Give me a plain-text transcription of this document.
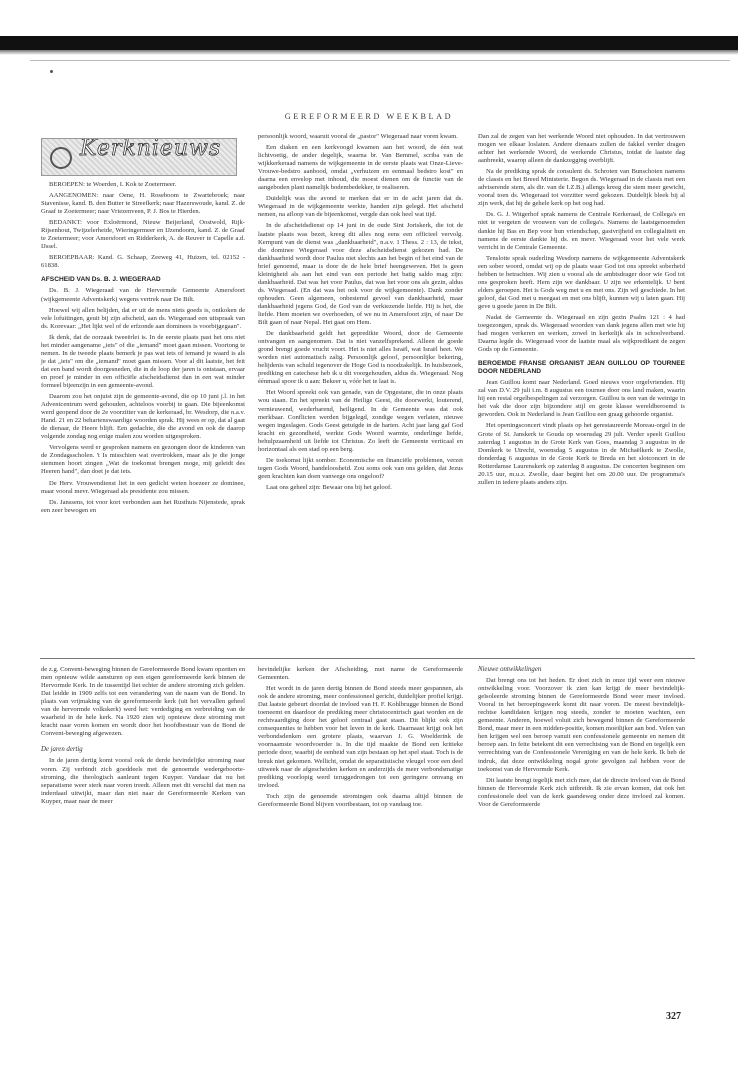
GEREFORMEERD WEEKBLAD
Kerknieuws

BEROEPEN: te Woerden, I. Kok te Zoetermeer.

AANGENOMEN: naar Oene, H. Roseboom te Zwartebroek; naar Stavenisse, kand. B. den Butter te Streefkerk; naar Hazerswoude, kand. Z. de Graaf te Zoetermeer; naar Vriezenveen, P. J. Bos te Hierden.

BEDANKT: voor Exloërmond, Nieuw Beijerland, Oostwold, Rijk-Rijsenhout, Twijzelerheide, Wieringermeer en IJzendoorn, kand. Z. de Graaf te Zoetermeer; voor Amersfoort en Ridderkerk, A. de Reuver te Capelle a.d. IJssel.

BEROEPBAAR: Kand. G. Schaap, Zeeweg 41, Huizen, tel. 02152 - 61838.

AFSCHEID VAN Ds. B. J. WIEGERAAD

Ds. B. J. Wiegeraad van de Hervormde Gemeente Amersfoort (wijkgemeente Adventskerk) wegens vertrek naar De Bilt.

Hoewel wij allen belijden, dat er uit de mens niets goeds is, ontkoken de vele lofuitingen, geuit bij zijn afscheid, aan ds. Wiegeraad een uitspraak van ds. Korevaar: „Het lijkt wel of de erfzonde aan dominees is voorbijgegaan".

Ik denk, dat de oorzaak tweeërlei is. In de eerste plaats past het ons niet het minder aangename „iets" of die „iemand" moet gaan missen. Voortong te nemen. In de tweede plaats bemerk je pas wat iets of iemand je waard is als je dat „iets" om die „iemand" moet gaan missen. Voor al dit laatste, het feit dat een band wordt doorgesneden, die in de loop der jaren is ontstaan, ervaar en proef je minder in een officiële afscheidsdienst dan in een wat minder formeel bijeenzijn in een gemeente-avond.

Daarom zou het onjuist zijn de gemeente-avond, die op 10 juni j.l. in het Adventcentrum werd gehouden, achteloos voorbij te gaan. Die bijeenkomst werd geopend door de 2e voorzitter van de kerkeraad, br. Wesdorp, die n.a.v. Hand. 21 en 22 behartenswaardige woorden sprak. Hij wees er op, dat al gaat de dienaar, de Heere blijft. Een gedachte, die die avond en ook de daarop volgende zondag nog enige malen zou worden uitgesproken.

Vervolgens werd er gesproken namens en gezongen door de kinderen van de Zondagsscholen. 't Is misschien wat overtrokken, maar als je die jonge stemmen hoort zingen „Wat de toekomst brengen moge, mij geleidt des Heeren hand", dan doet je dat iets.

De Herv. Vrouwendienst liet in een gedicht weten hoezeer ze dominee, maar vooral mevr. Wiegeraad als presidente zou missen.

Ds. Janssens, tot voor kort verbonden aan het Rusthuis Nijenstede, sprak een zeer bewogen en

persoonlijk woord, waaruit vooral de „pastor" Wiegeraad naar voren kwam.

Een diaken en een kerkvoogd kwamen aan het woord, de één wat lichtvoetig, de ander degelijk, waarna br. Van Bemmel, scriba van de wijkkerkeraad namens de wijkgemeente in de eerste plaats wat Onze-Lieve-Vrouwe-bedstro aanbood, omdat „verhuizen en eenmaal bedstro kost" en daarna een envelop met inhoud, die moest dienen om de functie van de aangeboden plant namelijk bodembedekker, te realiseren.

Duidelijk was die avond te merken dat er in de acht jaren dat ds. Wiegeraad in de wijkgemeente werkte, handen zijn gelegd. Het afscheid nemen, na afloop van de bijeenkomst, vergde dan ook heel wat tijd.

In de afscheidsdienst op 14 juni in de oude Sint Joriskerk, die tot de laatste plaats was bezet, kreeg dit alles nog eens een officieel vervolg. Kernpunt van de dienst was „dankbaarheid", n.a.v. 1 Thess. 2 : 13, de tekst, die dominee Wiegeraad voor deze afscheidsdienst gekozen had. De dankbaarheid wordt door Paulus niet slechts aan het begin of het eind van de brief genoemd, maar is door de de hele brief heengeweven. Het is geen kleinigheid als aan het eind van een periode het batig saldo mag zijn: dankbaarheid. Dat was het voor Paulus, dat was het voor ons als gezin, aldus ds. Wiegeraad. (En dat was het ook voor de wijkgemeente). Dank zonder ophouden. Geen algemeen, onbestemd gevoel van dankbaarheid, maar dankbaarheid jegens God, de God van de verkiezende liefde. Hij is het, die liefde. Hem moeten we overhoeden, of we nu in Amersfoort zijn, of naar De Bilt gaan of naar Nepal. Het gaat om Hem.

De dankbaarheid geldt het gepredikte Woord, door de Gemeente ontvangen en aangenomen. Dat is niet vanzelfsprekend. Alleen de goede grond brengt goede vrucht voort. Het is niet alles Israël, wat Israël heet. We worden niet automatisch zalig. Persoonlijk geloof, persoonlijke bekering, belijdenis van schuld tegenover de Hoge God is noodzakelijk. In huisbezoek, prediking en catechese heb ik u dit voorgehouden, aldus ds. Wiegeraad. Nog éénmaal spoor ik u aan: Bekeer u, vóór het te laat is.

Het Woord spreekt ook van genade, van de Opgestane, die in onze plaats wou staan. En het spreekt van de Heilige Geest, die doorwerkt, louterend, vernieuwend, wederbarend, heiligend. In de Gemeente was dat ook merkbaar. Conflicten werden bijgelegd, zondige wegen verlaten, nieuwe wegen ingeslagen. Gods Geest getuigde in de harten. Acht jaar lang gaf God kracht en gezondheid, werkte Gods Woord warmte, onderlinge liefde, behulpzaamheid uit liefde tot Christus. Zo leeft de Gemeente verticaal en horizontaal als een stad op een berg.

De toekomst lijkt somber. Economische en financiële problemen, verzet tegen Gods Woord, handeloosheid. Zou soms ook van ons gelden, dat Jezus geen krachten kan doen vanwege ons ongeloof?

Laat ons geheel zijn: Bewaar ons bij het geloof.

Dan zal de zegen van het werkende Woord niet ophouden. In dat vertrouwen mogen we elkaar loslaten. Andere dienaars zullen de fakkel verder dragen achter het werkende Woord, de werkende Christus, totdat de laatste dag aanbreekt, waarop alleen de dankzegging overblijft.

Na de prediking sprak de consulent ds. Schroten van Bunschoten namens de classis en het Breed Ministerie. Begon ds. Wiegeraad in de classis met een adviserende stem, als dir. van de I.Z.B.) allengs kreeg die stem meer gewicht, vooral toen ds. Wiegeraad tot vorzitter werd gekozen. Duidelijk bleek bij al zijn werk, dat hij de gehele kerk op het oog had.

Ds. G. J. Witgerhof sprak namens de Centrale Kerkeraad, de Collega's en niet te vergeten de vrouwen van de collega's. Namens de laatstgenoemden dankte hij Bas en Bep voor hun vriendschap, gastvrijheid en collegialiteit en namens de eerste dankte hij ds. en mevr. Wiegeraad voor het vele werk verricht in de Centrale Gemeente.

Tenslotte sprak ouderling Wesdorp namens de wijkgemeente Adventskerk een sober woord, omdat wij op de plaats waar God tot ons spreekt soberheid hebben te betrachten. Wij zien u vooral als de ambtsdrager door wie God tot ons gesproken heeft. Hem zijn we dankbaar. U zijn we erkentelijk. U bent elders geroepen. Het is Gods weg met u en met ons. Zijn wil geschiede. In het geloof, dat God met u meegaat en met ons blijft, kunnen wij u laten gaan. Hij geve u goede jaren in De Bilt.

Nadat de Gemeente ds. Wiegeraad en zijn gezin Psalm 121 : 4 had toegezongen, sprak ds. Wiegeraad woorden van dank jegens allen met wie hij had mogen verkeren en werken, zowel in kerkelijk als in schoolverband. Daarna legde ds. Wiegeraad voor de laatste maal als wijkpredikant de zegen Gods op de Gemeente.

BEROEMDE FRANSE ORGANIST JEAN GUILLOU OP TOURNEE DOOR NEDERLAND

Jean Guillou komt naar Nederland. Goed nieuws voor orgelvrienden. Hij zal van D.V. 29 juli t.m. 8 augustus een tournee door ons land maken, waarin hij een restal orgelbespelingen zal verzorgen. Guillou is een van de weinige in het vak die door zijn bijzondere stijl en grote klasse wereldberoemd is geworden. Ook in Nederland is Jean Guillou een graag gehoorde organist.

Het openingsconcert vindt plaats op het gerestaureerde Moreau-orgel in de Grote of St. Janskerk te Gouda op woensdag 29 juli. Verder speelt Guillou zaterdag 1 augustus in de Grote Kerk van Goes, maandag 3 augustus in de Domkerk te Utrecht, woensdag 5 augustus in de Michaëlkerk te Zwolle, donderdag 6 augustus in de Grote Kerk te Breda en het slotconcert in de Rotterdamse Laurenskerk op zaterdag 8 augustus. De concerten beginnen om 20.15 uur, m.u.z. Zwolle, daar begint het om 20.00 uur. De programma's zullen in iedere plaats anders zijn.

de z.g. Convent-beweging binnen de Gereformeerde Bond kwam opzetten en men opnieuw wilde aansturen op een eigen gereformeerde kerk binnen de Hervormde Kerk. In de tussentijd liet echter de andere stroming zich gelden. Dat leidde in 1909 zelfs tot een verandering van de naam van de Bond. In plaats van vrijmaking van de gereformeerde kerk (uit het vervallen geheel van de hervormde volkskerk) werd het: verdediging en verbreiding van de waarheid in de hele kerk. Na 1920 zien wij opnieuw deze stroming met kracht naar voren komen en wordt door het hoofdbestuur van de Bond de Convent-beweging afgewezen.

De jaren dertig

In de jaren dertig komt vooral ook de derde bevindelijke stroming naar voren. Zij verbindt zich goeddeels met de genoemde wedergeboorte-stroming, die theologisch aanleunt tegen Kuyper. Vandaar dat nu het separatisme weer sterk naar voren treedt. Alleen met dit verschil dat men na inderdaad uitwijkt, maar dan niet naar de Gereformeerde Kerken van Kuyper, maar naar de meer

bevindelijke kerken der Afscheiding, met name de Gereformeerde Gemeenten.

Het wordt in de jaren dertig binnen de Bond steeds meer gespannen, als ook de andere stroming, meer confessioneel gericht, duidelijker profiel krijgt. Dat laatste gebeurt doordat de invloed van H. F. Kohlbrugge binnen de Bond toeneemt en daardoor de prediking meer christocentrisch gaat worden en de rechtvaardiging door het geloof centraal gaat staan. Dit blijkt ook zijn consequenties te hebben voor het leven in de kerk. Daarnaast krijgt ook het verbondsdenken een grotere plaats, waarvan J. G. Woelderink de voornaamste woordvoerder is. In die tijd maakte de Bond een kritieke periode door, waarbij de eenheid van zijn bestaan op het spel staat. Toch is de breuk niet gekomen. Wellicht, omdat de separatistische vleugel voor een deel uitweek naar de afgescheiden kerken en anderzijds de meer verbondsmatige prediking voorlopig werd teruggedrongen tot een geringere omvang en invloed.

Toch zijn de genoemde stromingen ook daarna altijd binnen de Gereformeerde Bond blijven voortbestaan, tot op vandaag toe.

Nieuwe ontwikkelingen

Dat brengt ons tot het heden. Er doet zich in onze tijd weer een nieuwe ontwikkeling voor. Voorzover ik zien kan krijgt de meer bevindelijk-geïsoleerde stroming binnen de Gereformeerde Bond weer meer invloed. Vooral in het beroepingswerk komt dit naar voren. De meest bevindelijk-rechtse kandidaten krijgen nog steeds, zonder te moeten wachten, een gemeente. Anderen, hoewel voluit zich bewegend binnen de Gereformeerde Bond, maar meer in een midden-positie, komen moeilijker aan bod. Velen van hen krijgen wel een beroep vanuit een confessionele gemeente en nemen dit beroep aan. In feite betekent dit een verrechtsing van de Bond en tegelijk een verrechtsing van de Confessionele Vereniging en van de hele kerk. Ik heb de indruk, dat deze ontwikkeling nogal grote gevolgen zal hebben voor de toekomst van de Hervormde Kerk.

Dit laatste brengt tegelijk met zich mee, dat de directe invloed van de Bond binnen de Hervormde Kerk zich uitbreidt. Ik zie ervan komen, dat ook het confessionele deel van de kerk gaandeweg onder deze invloed zal komen. Voor de Gereformeerde

327
